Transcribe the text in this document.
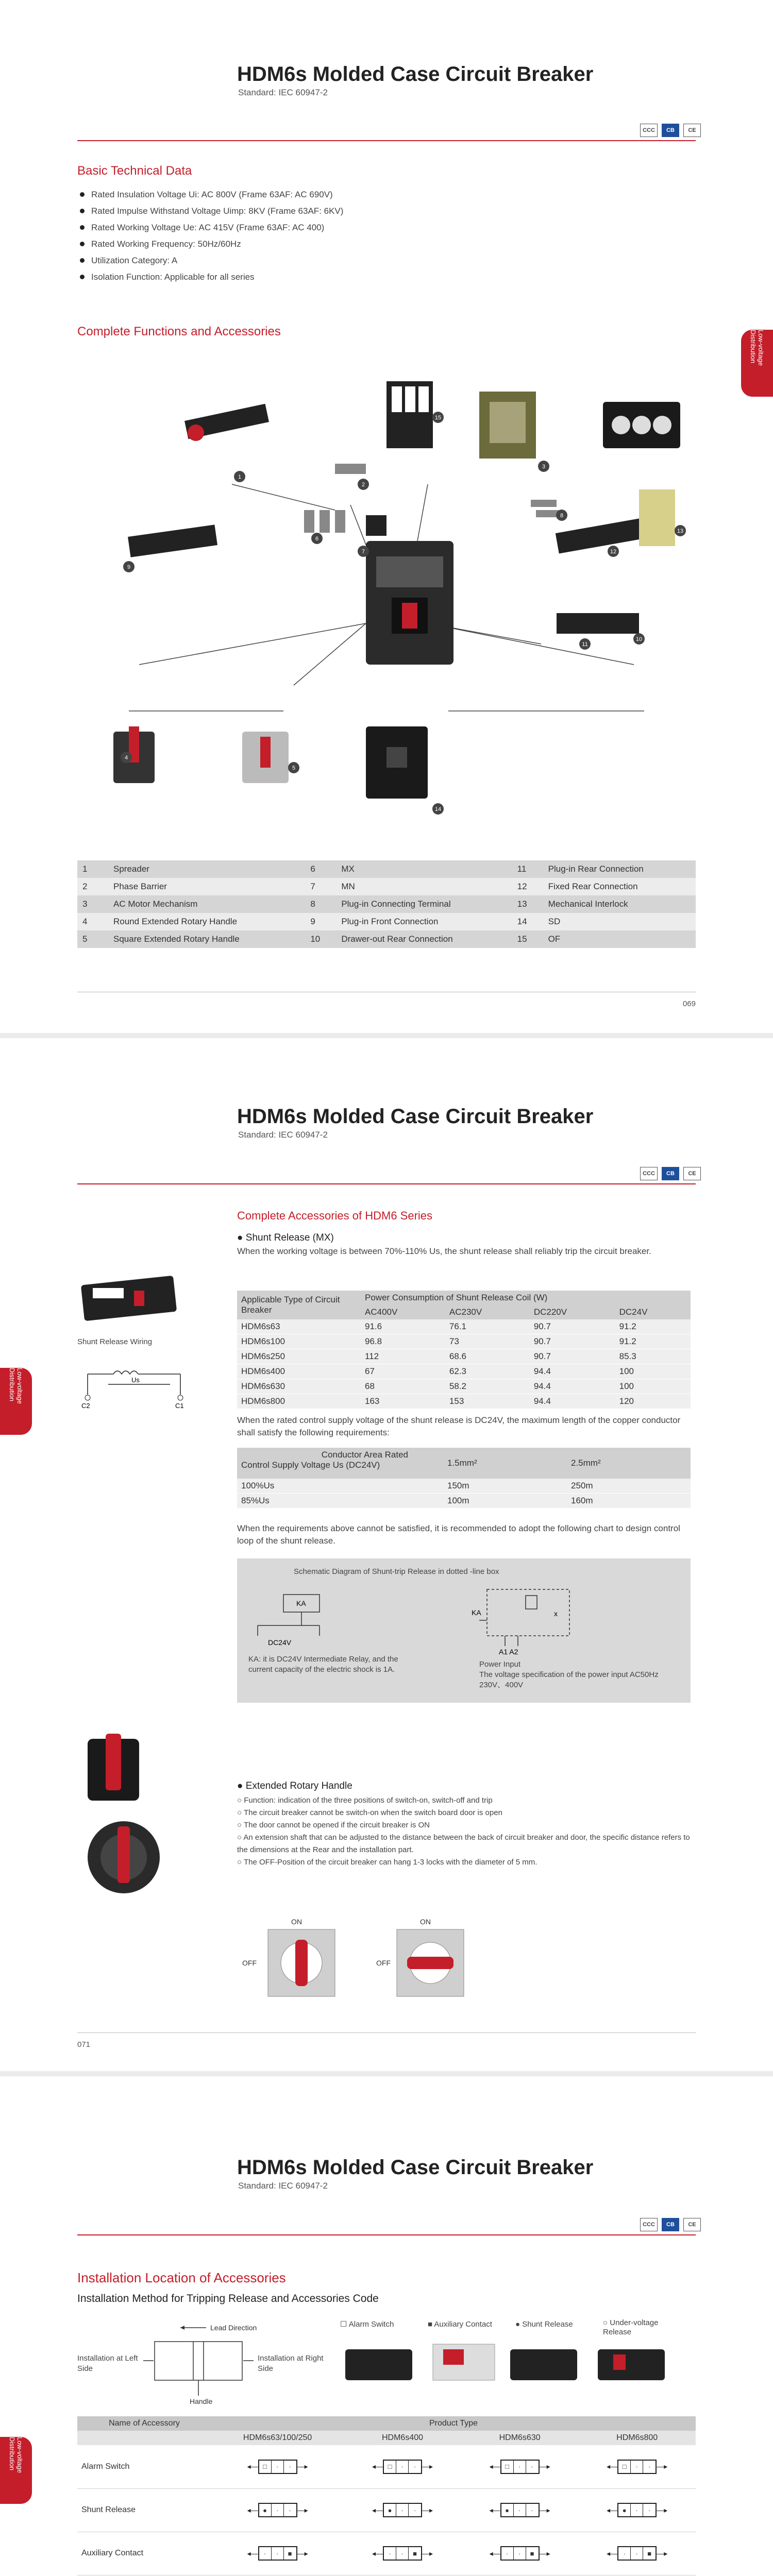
HDM6s Molded Case Circuit Breaker
Standard: IEC 60947-2
CCC	CB	CE
Basic Technical Data
Rated Insulation Voltage Ui: AC 800V (Frame 63AF: AC 690V)
Rated Impulse Withstand Voltage Uimp: 8KV (Frame 63AF: 6KV)
Rated Working Voltage Ue: AC 415V (Frame 63AF: AC 400)
Rated Working Frequency: 50Hz/60Hz
Utilization Category: A
Isolation Function: Applicable for all series
Complete Functions and Accessories	Low-voltage Distribution
1
2
3
4
5
6
7
8
9
10
11
12
13
14
15
1	Spreader	6	MX	11	Plug-in Rear Connection
2	Phase Barrier	7	MN	12	Fixed Rear Connection
3	AC Motor Mechanism	8	Plug-in Connecting Terminal	13	Mechanical Interlock
4	Round Extended Rotary Handle	9	Plug-in Front Connection	14	SD
5	Square Extended Rotary Handle	10	Drawer-out Rear Connection	15	OF
069
HDM6s Molded Case Circuit Breaker
Standard: IEC 60947-2
CCC	CB	CE
Low-voltage Distribution
Complete Accessories of HDM6 Series
● Shunt Release (MX)
When the working voltage is between 70%-110% Us, the shunt release shall reliably trip the circuit breaker.
Shunt Release Wiring
Us
C2	C1
Applicable Type of Circuit Breaker	Power Consumption of Shunt Release Coil (W)			
	AC400V	AC230V	DC220V	DC24V
HDM6s63	91.6	76.1	90.7	91.2
HDM6s100	96.8	73	90.7	91.2
HDM6s250	112	68.6	90.7	85.3
HDM6s400	67	62.3	94.4	100
HDM6s630	68	58.2	94.4	100
HDM6s800	163	153	94.4	120
When the rated control supply voltage of the shunt release is DC24V, the maximum length of the copper conductor shall satisfy the following requirements:
Conductor Area Rated
Control Supply Voltage Us (DC24V)	1.5mm²	2.5mm²
100%Us	150m	250m
85%Us	100m	160m
When the requirements above cannot be satisfied, it is recommended to adopt the following chart to design control loop of the shunt release.
Schematic Diagram of Shunt-trip Release in dotted -line box
KA
DC24V
KA	x
A1 A2
KA: it is DC24V Intermediate Relay, and the current capacity of the electric shock is 1A.
Power Input
The voltage specification of the power input AC50Hz 230V、400V
● Extended Rotary Handle
○ Function: indication of the three positions of switch-on, switch-off and trip
○ The circuit breaker cannot be switch-on when the switch board door is open
○ The door cannot be opened if the circuit breaker is ON
○ An extension shaft that can be adjusted to the distance between the back of circuit breaker and door, the specific distance refers to the dimensions at the Rear and the installation part.
○ The OFF-Position of the circuit breaker can hang 1-3 locks with the diameter of 5 mm.
ON
OFF
ON
OFF
071
HDM6s Molded Case Circuit Breaker
Standard: IEC 60947-2
CCC	CB	CE
Low-voltage Distribution
Installation Location of Accessories
Installation Method for Tripping Release and Accessories Code
Lead Direction
Handle
Installation at Left Side
Installation at Right Side
☐ Alarm Switch	■ Auxiliary Contact	● Shunt Release	○ Under-voltage Release
Name of Accessory	Product Type			
	HDM6s63/100/250	HDM6s400	HDM6s630	HDM6s800

Alarm Switch	◂— □ · · —▸	◂— □ · · —▸	◂— □ · · —▸	◂— □ · · —▸

Shunt Release	◂— ● · · —▸	◂— ● · · —▸	◂— ● · · —▸	◂— ● · · —▸

Auxiliary Contact	◂— · · ■ —▸	◂— · · ■ —▸	◂— · · ■ —▸	◂— · · ■ —▸
